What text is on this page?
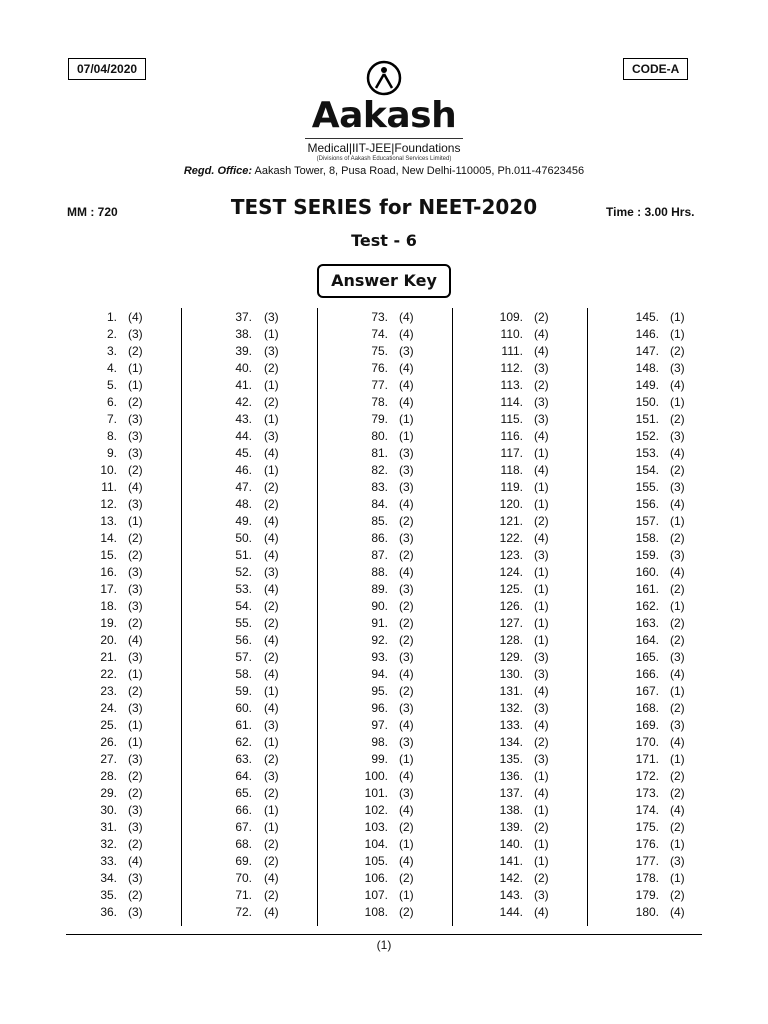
07/04/2020	CODE-A
Aakash
Medical|IIT-JEE|Foundations
(Divisions of Aakash Educational Services Limited)
Regd. Office: Aakash Tower, 8, Pusa Road, New Delhi-110005, Ph.011-47623456
MM : 720	TEST SERIES for NEET-2020	Time : 3.00 Hrs.
Test - 6
Answer Key
1. (4)
2. (3)
3. (2)
4. (1)
5. (1)
6. (2)
7. (3)
8. (3)
9. (3)
10. (2)
11. (4)
12. (3)
13. (1)
14. (2)
15. (2)
16. (3)
17. (3)
18. (3)
19. (2)
20. (4)
21. (3)
22. (1)
23. (2)
24. (3)
25. (1)
26. (1)
27. (3)
28. (2)
29. (2)
30. (3)
31. (3)
32. (2)
33. (4)
34. (3)
35. (2)
36. (3)
37. (3)
38. (1)
39. (3)
40. (2)
41. (1)
42. (2)
43. (1)
44. (3)
45. (4)
46. (1)
47. (2)
48. (2)
49. (4)
50. (4)
51. (4)
52. (3)
53. (4)
54. (2)
55. (2)
56. (4)
57. (2)
58. (4)
59. (1)
60. (4)
61. (3)
62. (1)
63. (2)
64. (3)
65. (2)
66. (1)
67. (1)
68. (2)
69. (2)
70. (4)
71. (2)
72. (4)
73. (4)
74. (4)
75. (3)
76. (4)
77. (4)
78. (4)
79. (1)
80. (1)
81. (3)
82. (3)
83. (3)
84. (4)
85. (2)
86. (3)
87. (2)
88. (4)
89. (3)
90. (2)
91. (2)
92. (2)
93. (3)
94. (4)
95. (2)
96. (3)
97. (4)
98. (3)
99. (1)
100. (4)
101. (3)
102. (4)
103. (2)
104. (1)
105. (4)
106. (2)
107. (1)
108. (2)
109. (2)
110. (4)
111. (4)
112. (3)
113. (2)
114. (3)
115. (3)
116. (4)
117. (1)
118. (4)
119. (1)
120. (1)
121. (2)
122. (4)
123. (3)
124. (1)
125. (1)
126. (1)
127. (1)
128. (1)
129. (3)
130. (3)
131. (4)
132. (3)
133. (4)
134. (2)
135. (3)
136. (1)
137. (4)
138. (1)
139. (2)
140. (1)
141. (1)
142. (2)
143. (3)
144. (4)
145. (1)
146. (1)
147. (2)
148. (3)
149. (4)
150. (1)
151. (2)
152. (3)
153. (4)
154. (2)
155. (3)
156. (4)
157. (1)
158. (2)
159. (3)
160. (4)
161. (2)
162. (1)
163. (2)
164. (2)
165. (3)
166. (4)
167. (1)
168. (2)
169. (3)
170. (4)
171. (1)
172. (2)
173. (2)
174. (4)
175. (2)
176. (1)
177. (3)
178. (1)
179. (2)
180. (4)
(1)
